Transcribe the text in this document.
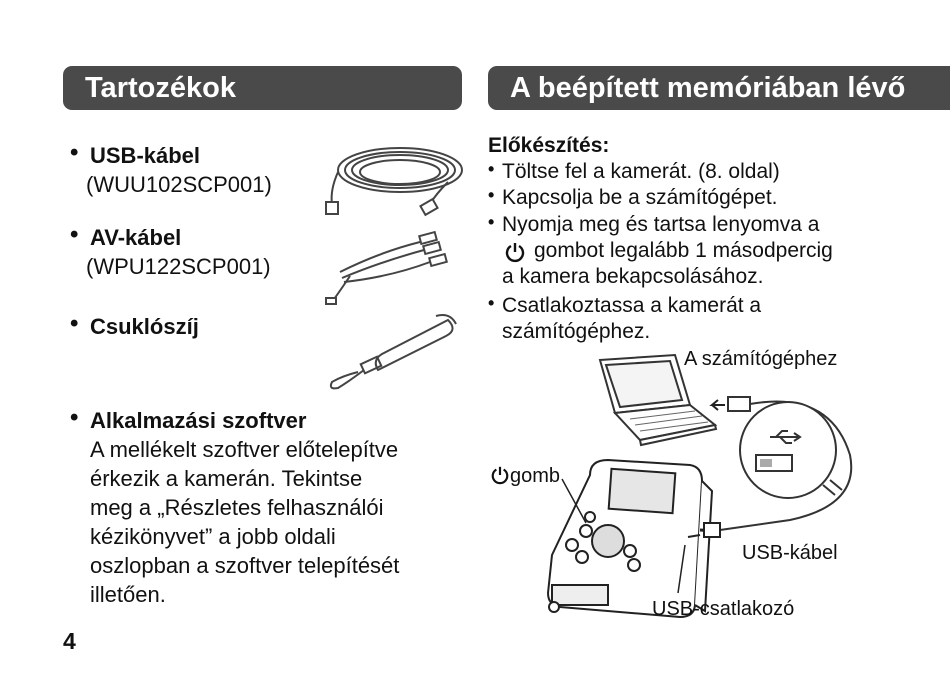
Tartozékok	A beépített memóriában lévő
• USB-kábel
(WUU102SCP001)
• AV-kábel
(WPU122SCP001)
• Csuklószíj
• Alkalmazási szoftver
A mellékelt szoftver előtelepítve
érkezik a kamerán. Tekintse
meg a „Részletes felhasználói
kézikönyvet” a jobb oldali
oszlopban a szoftver telepítését
illetően.
Előkészítés:
• Töltse fel a kamerát. (8. oldal)
• Kapcsolja be a számítógépet.
• Nyomja meg és tartsa lenyomva a
gombot legalább 1 másodpercig
a kamera bekapcsolásához.
• Csatlakoztassa a kamerát a
számítógéphez.
A számítógéphez
gomb
USB-kábel
USB-csatlakozó
4
